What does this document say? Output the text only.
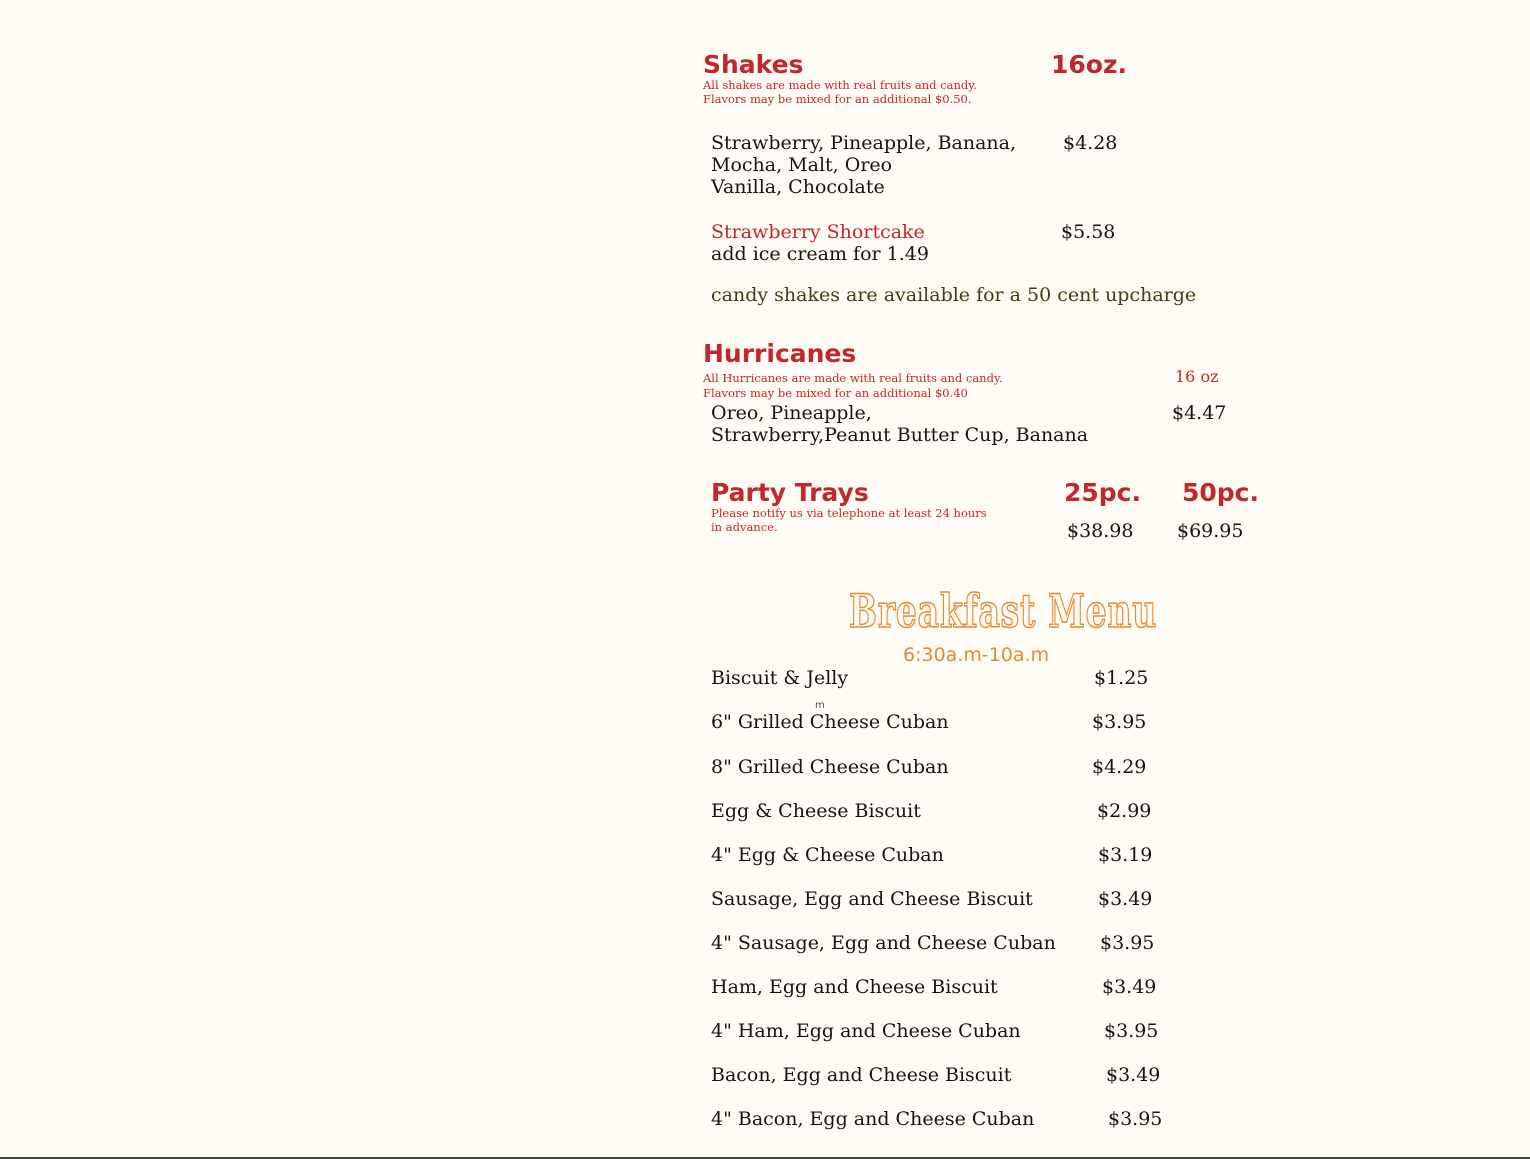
Shakes	16oz.
All shakes are made with real fruits and candy.
Flavors may be mixed for an additional $0.50.
Strawberry, Pineapple, Banana,
Mocha, Malt, Oreo
Vanilla, Chocolate
$4.28
Strawberry Shortcake	$5.58
add ice cream for 1.49
candy shakes are available for a 50 cent upcharge
Hurricanes
All Hurricanes are made with real fruits and candy.
Flavors may be mixed for an additional $0.40
16 oz
Oreo, Pineapple,
Strawberry,Peanut Butter Cup, Banana
$4.47
Party Trays	25pc. 50pc.
Please notify us via telephone at least 24 hours
in advance.	$38.98 $69.95
Breakfast Menu
6:30a.m-10a.m
m
Biscuit & Jelly	$1.25
6" Grilled Cheese Cuban	$3.95
8" Grilled Cheese Cuban	$4.29
Egg & Cheese Biscuit	$2.99
4" Egg & Cheese Cuban	$3.19
Sausage, Egg and Cheese Biscuit	$3.49
4" Sausage, Egg and Cheese Cuban $3.95
Ham, Egg and Cheese Biscuit	$3.49
4" Ham, Egg and Cheese Cuban	$3.95
Bacon, Egg and Cheese Biscuit	$3.49
4" Bacon, Egg and Cheese Cuban	$3.95
